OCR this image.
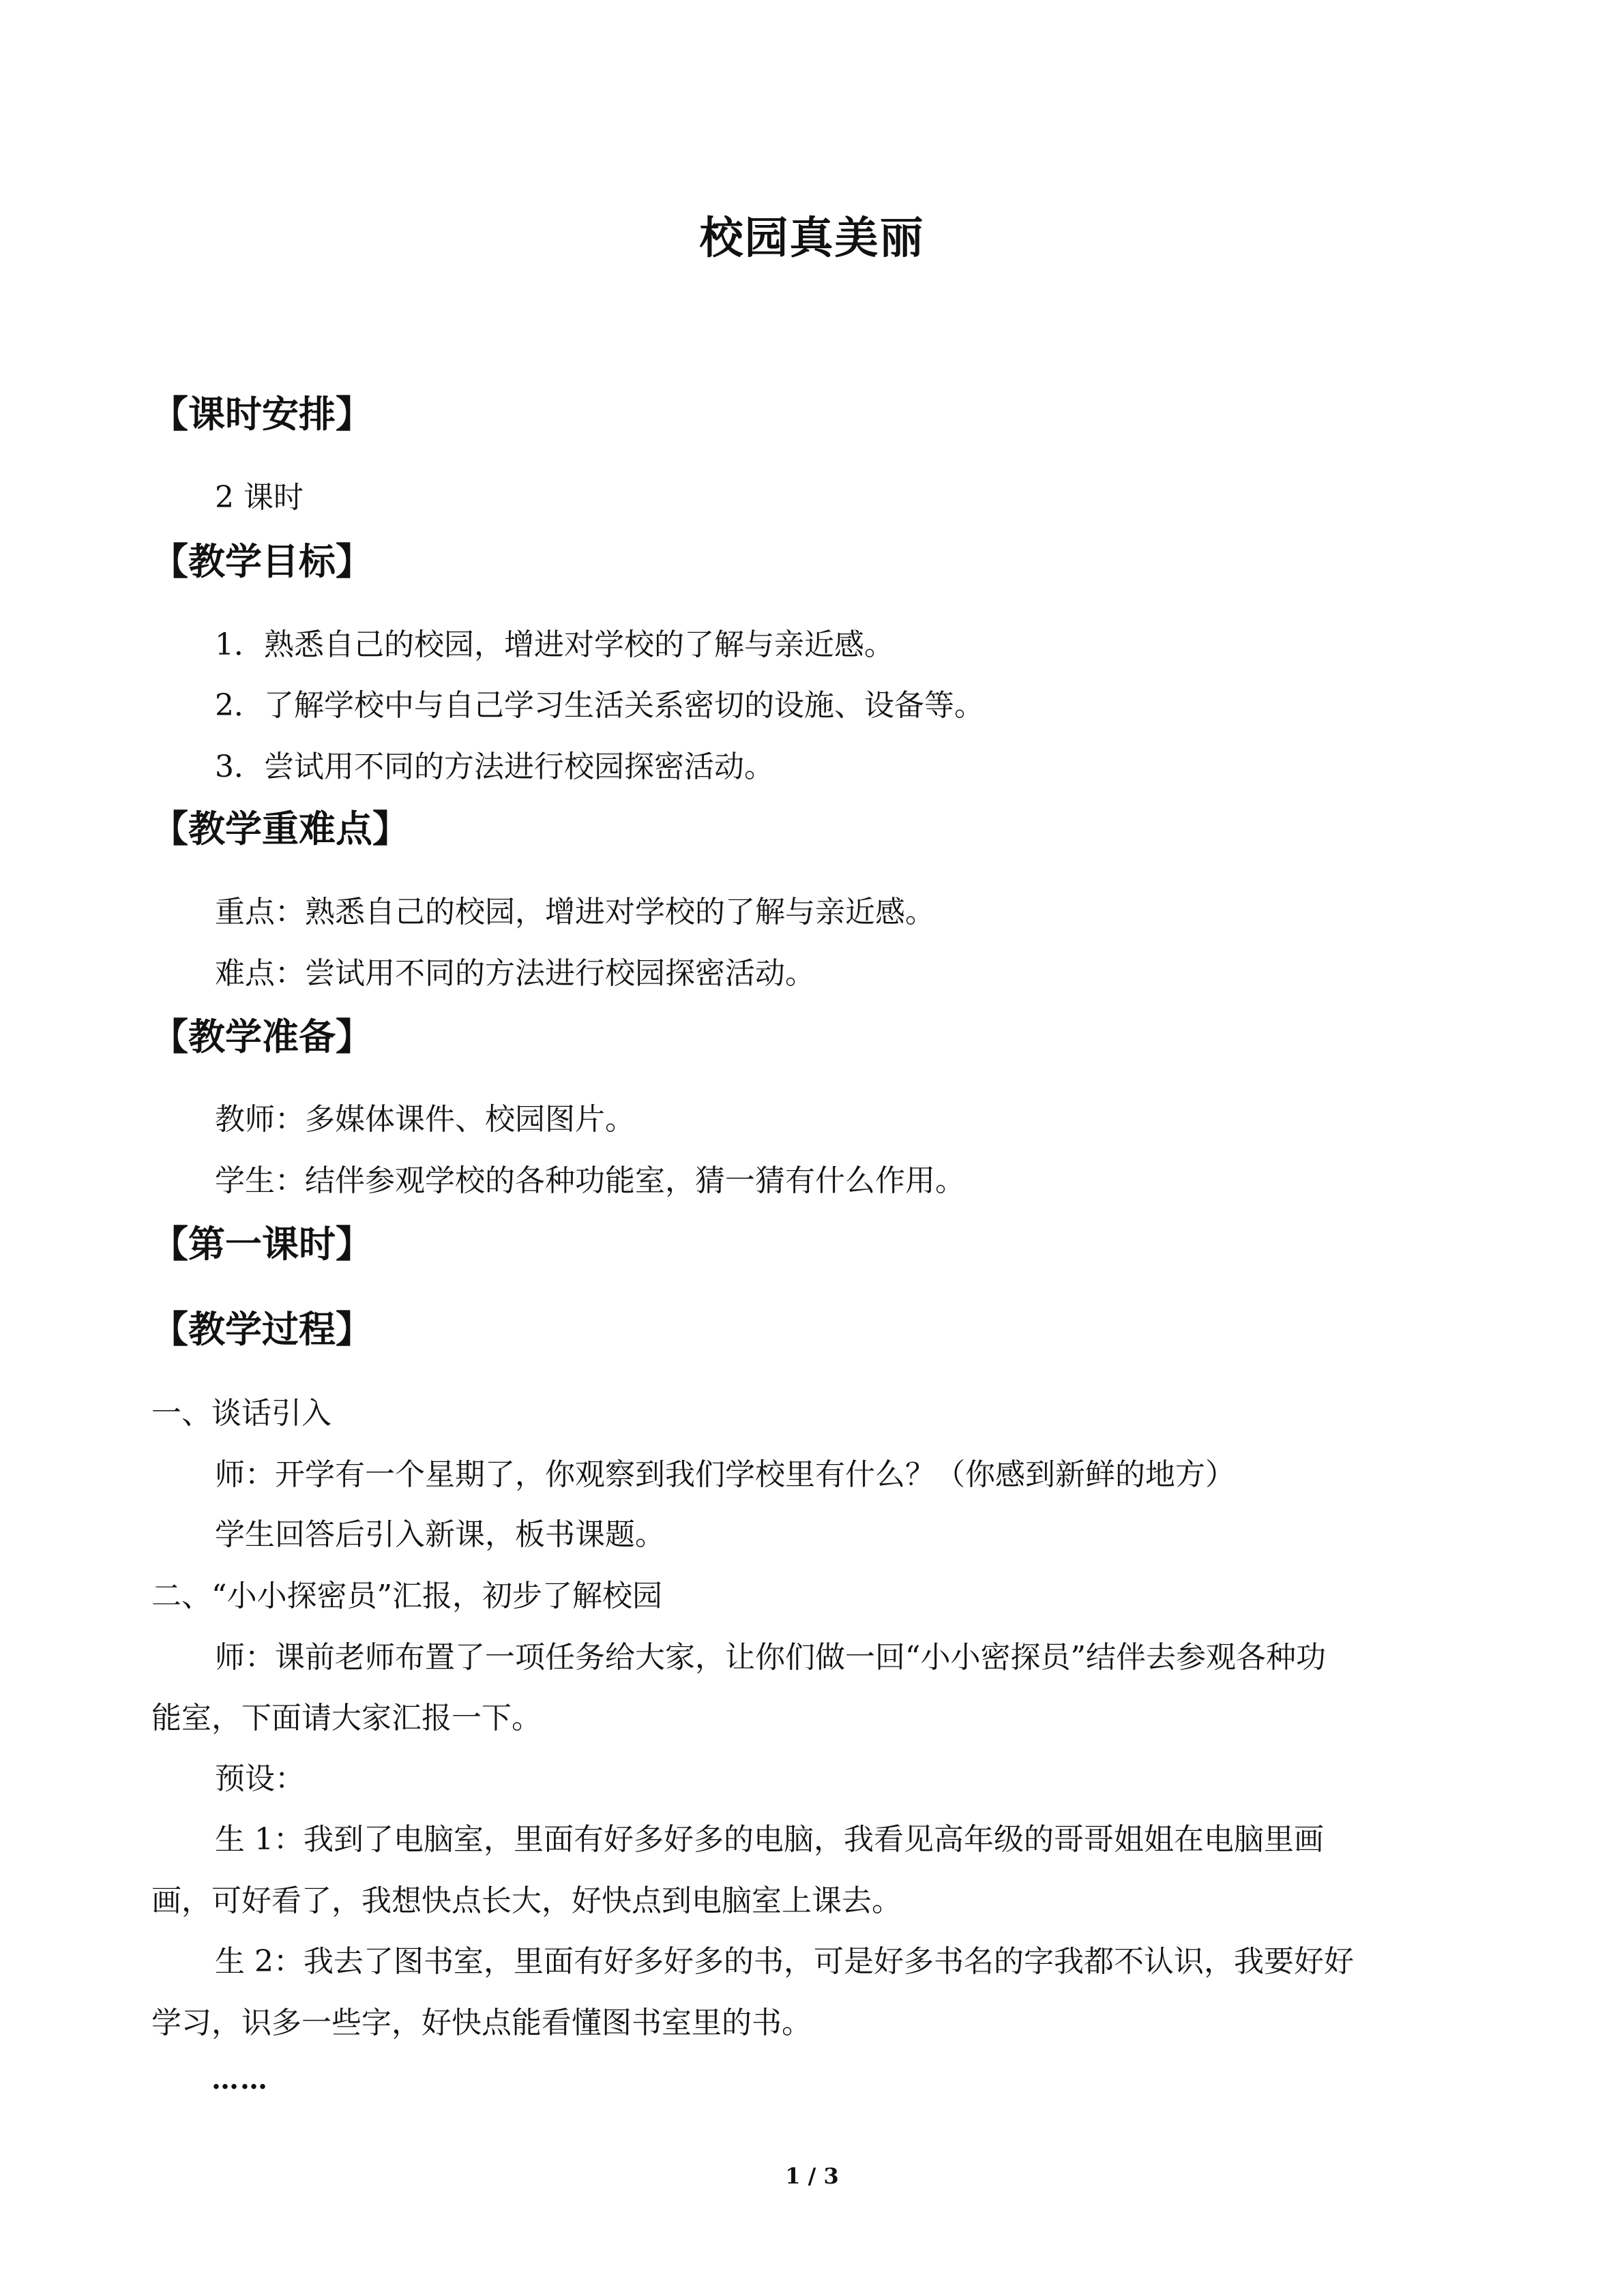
校园真美丽
【课时安排】
2 课时
【教学目标】
1．熟悉自己的校园，增进对学校的了解与亲近感。
2．了解学校中与自己学习生活关系密切的设施、设备等。
3．尝试用不同的方法进行校园探密活动。
【教学重难点】
重点：熟悉自己的校园，增进对学校的了解与亲近感。
难点：尝试用不同的方法进行校园探密活动。
【教学准备】
教师：多媒体课件、校园图片。
学生：结伴参观学校的各种功能室，猜一猜有什么作用。
【第一课时】
【教学过程】
一、谈话引入
师：开学有一个星期了，你观察到我们学校里有什么？（你感到新鲜的地方）
学生回答后引入新课，板书课题。
二、“小小探密员”汇报，初步了解校园
师：课前老师布置了一项任务给大家，让你们做一回“小小密探员”结伴去参观各种功
能室，下面请大家汇报一下。
预设：
生 1：我到了电脑室，里面有好多好多的电脑，我看见高年级的哥哥姐姐在电脑里画
画，可好看了，我想快点长大，好快点到电脑室上课去。
生 2：我去了图书室，里面有好多好多的书，可是好多书名的字我都不认识，我要好好
学习，识多一些字，好快点能看懂图书室里的书。
……
1 / 3
